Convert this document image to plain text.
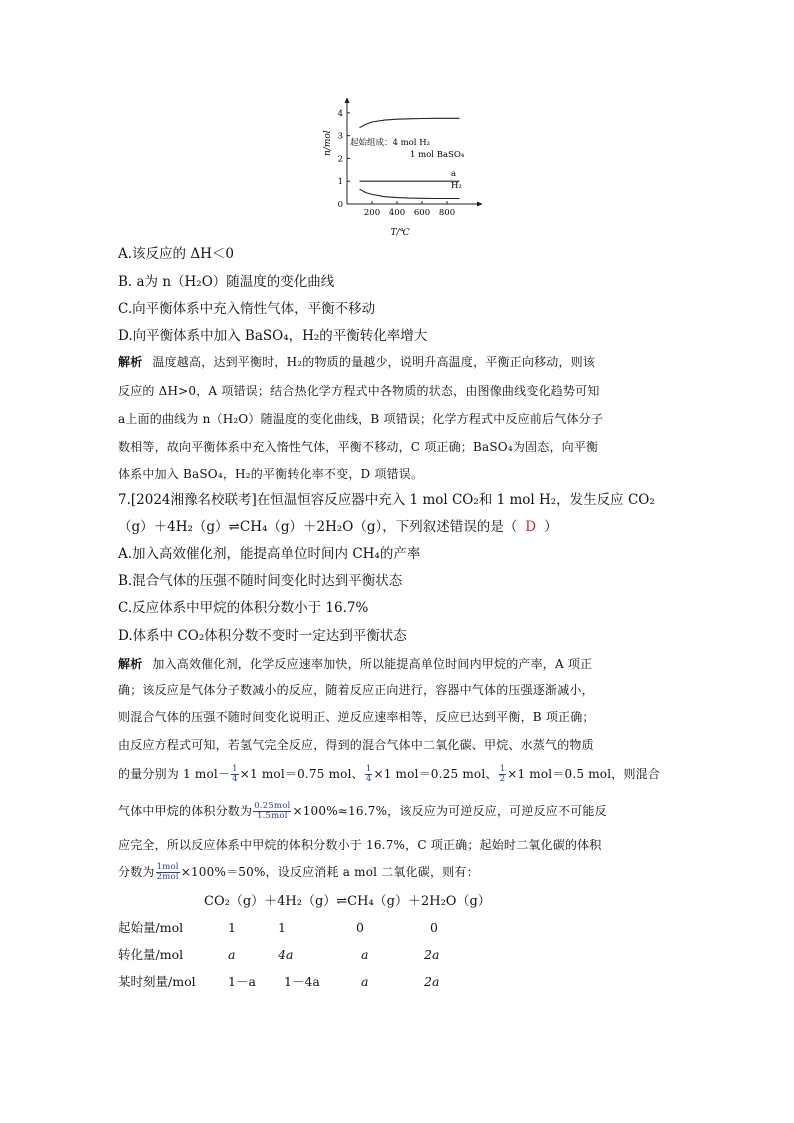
0
1
2
3
4
200 400 600 800
n/mol
T/℃
起始组成：4 mol H₂
1 mol BaSO₄
a
H₂
A.该反应的 ΔH＜0
B. a为 n（H₂O）随温度的变化曲线
C.向平衡体系中充入惰性气体，平衡不移动
D.向平衡体系中加入 BaSO₄，H₂的平衡转化率增大
解析 温度越高，达到平衡时，H₂的物质的量越少，说明升高温度，平衡正向移动，则该
反应的 ΔH>0，A 项错误；结合热化学方程式中各物质的状态，由图像曲线变化趋势可知
a上面的曲线为 n（H₂O）随温度的变化曲线，B 项错误；化学方程式中反应前后气体分子
数相等，故向平衡体系中充入惰性气体，平衡不移动，C 项正确；BaSO₄为固态，向平衡
体系中加入 BaSO₄，H₂的平衡转化率不变，D 项错误。
7.[2024湘豫名校联考]在恒温恒容反应器中充入 1 mol CO₂和 1 mol H₂，发生反应 CO₂
（g）＋4H₂（g）⇌CH₄（g）＋2H₂O（g），下列叙述错误的是（ D ）
A.加入高效催化剂，能提高单位时间内 CH₄的产率
B.混合气体的压强不随时间变化时达到平衡状态
C.反应体系中甲烷的体积分数小于 16.7%
D.体系中 CO₂体积分数不变时一定达到平衡状态
解析 加入高效催化剂，化学反应速率加快，所以能提高单位时间内甲烷的产率，A 项正
确；该反应是气体分子数减小的反应，随着反应正向进行，容器中气体的压强逐渐减小，
则混合气体的压强不随时间变化说明正、逆反应速率相等，反应已达到平衡，B 项正确；
由反应方程式可知，若氢气完全反应，得到的混合气体中二氧化碳、甲烷、水蒸气的物质
的量分别为 1 $mol- \frac{1}{4} \times 1$ mol＝0.75 mol、 $\frac{1}{4} \times 1$ mol＝0.25 mol、 $\frac{1}{2} \times 1$ mol＝0.5 mol，则混合
气体中甲烷的体积分数为 $\frac{\text{0.25mol}}{\text{1.5mol}} \times 100\%\approx 16.7\%$，该反应为可逆反应，可逆反应不可能反
应完全，所以反应体系中甲烷的体积分数小于 16.7%，C 项正确；起始时二氧化碳的体积
分数为 $\frac{\text{1mol}}{\text{2mol}} \times 100\%=50\%$，设反应消耗 a mol 二氧化碳，则有：
CO₂（g）＋4H₂（g）⇌CH₄（g）＋2H₂O（g）
起始量/mol	1	1	0	0
转化量/mol	a	4a	a	2a
某时刻量/mol	1－a 1－4a	a	2a
